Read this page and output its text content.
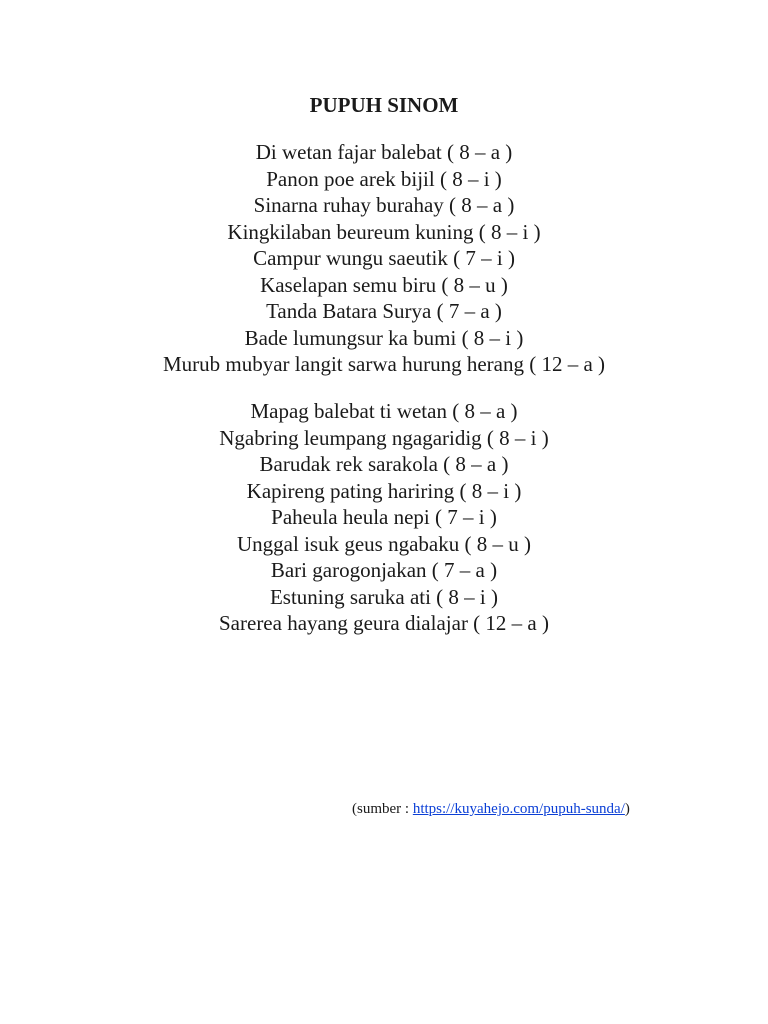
PUPUH SINOM
Di wetan fajar balebat ( 8 – a )
Panon poe arek bijil ( 8 – i )
Sinarna ruhay burahay ( 8 – a )
Kingkilaban beureum kuning ( 8 – i )
Campur wungu saeutik ( 7 – i )
Kaselapan semu biru ( 8 – u )
Tanda Batara Surya ( 7 – a )
Bade lumungsur ka bumi ( 8 – i )
Murub mubyar langit sarwa hurung herang ( 12 – a )
Mapag balebat ti wetan ( 8 – a )
Ngabring leumpang ngagaridig ( 8 – i )
Barudak rek sarakola ( 8 – a )
Kapireng pating hariring ( 8 – i )
Paheula heula nepi ( 7 – i )
Unggal isuk geus ngabaku ( 8 – u )
Bari garogonjakan ( 7 – a )
Estuning saruka ati ( 8 – i )
Sarerea hayang geura dialajar ( 12 – a )
(sumber : https://kuyahejo.com/pupuh-sunda/)
